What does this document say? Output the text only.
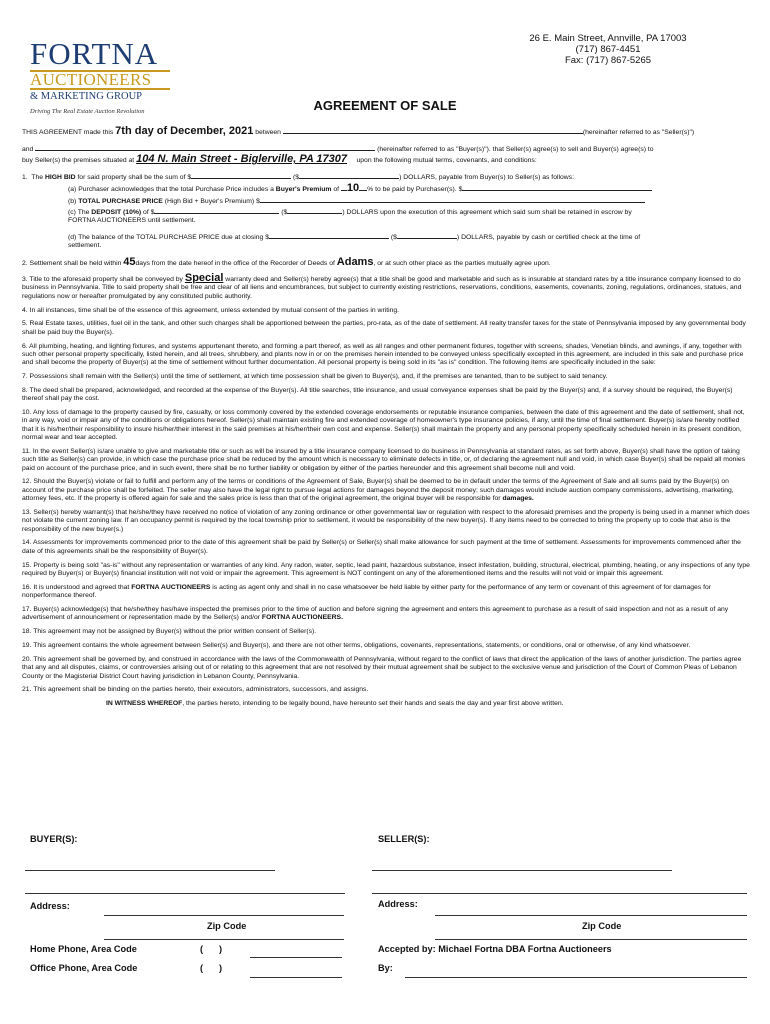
FORTNA
AUCTIONEERS
& MARKETING GROUP
Driving The Real Estate Auction Revolution
26 E. Main Street, Annville, PA 17003
(717) 867-4451
Fax: (717) 867-5265
AGREEMENT OF SALE

THIS AGREEMENT made this 7th day of December, 2021 between	(hereinafter referred to as "Seller(s)")

and	(hereinafter referred to as "Buyer(s)"). that Seller(s) agree(s) to sell and Buyer(s) agree(s) to

buy Seller(s) the premises situated at 104 N. Main Street - Biglerville, PA 17307 upon the following mutual terms, covenants, and conditions:

1. The HIGH BID for said property shall be the sum of $	($	) DOLLARS, payable from Buyer(s) to Seller(s) as follows:

(a) Purchaser acknowledges that the total Purchase Price includes a Buyer's Premium of 10 % to be paid by Purchaser(s). $

(b) TOTAL PURCHASE PRICE (High Bid + Buyer's Premium) $

(c) The DEPOSIT (10%) of $	($	) DOLLARS upon the execution of this agreement which said sum shall be retained in escrow by

FORTNA AUCTIONEERS until settlement.

(d) The balance of the TOTAL PURCHASE PRICE due at closing $	($	) DOLLARS, payable by cash or certified check at the time of

settlement.

2. Settlement shall be held within 45days from the date hereof in the office of the Recorder of Deeds of Adams, or at such other place as the parties mutually agree upon.

3. Title to the aforesaid property shall be conveyed by Special warranty deed and Seller(s) hereby agree(s) that a title shall be good and marketable and such as is insurable at standard rates by a title insurance company licensed to do business in Pennsylvania. Title to said property shall be free and clear of all liens and encumbrances, but subject to currently existing restrictions, reservations, conditions, easements, covenants, zoning, regulations, ordinances, statues, and regulations now or hereafter promulgated by any constituted public authority.

4. In all instances, time shall be of the essence of this agreement, unless extended by mutual consent of the parties in writing.

5. Real Estate taxes, utilities, fuel oil in the tank, and other such charges shall be apportioned between the parties, pro-rata, as of the date of settlement. All realty transfer taxes for the state of Pennsylvania imposed by any governmental body shall be paid buy the Buyer(s).

6. All plumbing, heating, and lighting fixtures, and systems appurtenant thereto, and forming a part thereof, as well as all ranges and other permanent fixtures, together with screens, shades, Venetian blinds, and awnings, if any, together with such other personal property specifically, listed herein, and all trees, shrubbery, and plants now in or on the premises herein intended to be conveyed unless specifically excepted in this agreement, are included in this sale and purchase price and shall become the property of Buyer(s) at the time of settlement without further documentation. All personal property is being sold in its "as is" condition. The following items are specifically included in the sale:

7. Possessions shall remain with the Seller(s) until the time of settlement, at which time possession shall be given to Buyer(s), and, if the premises are tenanted, than to be subject to said tenancy.

8. The deed shall be prepared, acknowledged, and recorded at the expense of the Buyer(s). All title searches, title insurance, and usual conveyance expenses shall be paid by the Buyer(s) and, if a survey should be required, the Buyer(s) thereof shall pay the cost.

10. Any loss of damage to the property caused by fire, casualty, or loss commonly covered by the extended coverage endorsements or reputable insurance companies, between the date of this agreement and the date of settlement, shall not, in any way, void or impair any of the conditions or obligations hereof. Seller(s) shall maintain existing fire and extended coverage of homeowner's type insurance policies, if any, until the time of final settlement. Buyer(s) is/are hereby notified that it is his/her/their responsibility to insure his/her/their interest in the said premises at his/her/their own cost and expense. Seller(s) shall maintain the property and any personal property specifically scheduled herein in its present condition, normal wear and tear accepted.

11. In the event Seller(s) is/are unable to give and marketable title or such as will be insured by a title insurance company licensed to do business in Pennsylvania at standard rates, as set forth above, Buyer(s) shall have the option of taking such title as Seller(s) can provide, in which case the purchase price shall be reduced by the amount which is necessary to eliminate defects in title, or, of declaring the agreement null and void, in which case Buyer(s) shall be repaid all monies paid on account of the purchase price, and in such event, there shall be no further liability or obligation by either of the parties hereunder and this agreement shall become null and void.

12. Should the Buyer(s) violate or fail to fulfill and perform any of the terms or conditions of the Agreement of Sale, Buyer(s) shall be deemed to be in default under the terms of the Agreement of Sale and all sums paid by the Buyer(s) on account of the purchase price shall be forfeited. The seller may also have the legal right to pursue legal actions for damages beyond the deposit money; such damages would include auction company commissions, advertising, marketing, attorney fees, etc. If the property is offered again for sale and the sales price is less than that of the original agreement, the original buyer will be responsible for damages.

13. Seller(s) hereby warrant(s) that he/she/they have received no notice of violation of any zoning ordinance or other governmental law or regulation with respect to the aforesaid premises and the property is being used in a manner which does not violate the current zoning law. If an occupancy permit is required by the local township prior to settlement, it would be responsibility of the new buyer(s). If any items need to be corrected to bring the property up to code that also is the responsibility of the new buyer(s.)

14. Assessments for improvements commenced prior to the date of this agreement shall be paid by Seller(s) or Seller(s) shall make allowance for such payment at the time of settlement. Assessments for improvements commenced after the date of this agreements shall be the responsibility of Buyer(s).

15. Property is being sold "as-is" without any representation or warranties of any kind. Any radon, water, septic, lead paint, hazardous substance, insect infestation, building, structural, electrical, plumbing, heating, or any inspections of any type required by Buyer(s) or Buyer(s) financial institution will not void or impair the agreement. This agreement is NOT contingent on any of the aforementioned items and the results will not void or impair this agreement.

16. It is understood and agreed that FORTNA AUCTIONEERS is acting as agent only and shall in no case whatsoever be held liable by either party for the performance of any term or covenant of this agreement of for damages for nonperformance thereof.

17. Buyer(s) acknowledge(s) that he/she/they has/have inspected the premises prior to the time of auction and before signing the agreement and enters this agreement to purchase as a result of said inspection and not as a result of any advertisement of announcement or representation made by the Seller(s) and/or FORTNA AUCTIONEERS.

18. This agreement may not be assigned by Buyer(s) without the prior written consent of Seller(s).

19. This agreement contains the whole agreement between Seller(s) and Buyer(s), and there are not other terms, obligations, covenants, representations, statements, or conditions, oral or otherwise, of any kind whatsoever.

20. This agreement shall be governed by, and construed in accordance with the laws of the Commonwealth of Pennsylvania, without regard to the conflict of laws that direct the application of the laws of another jurisdiction. The parties agree that any and all disputes, claims, or controversies arising out of or relating to this agreement that are not resolved by their mutual agreement shall be subject to the exclusive venue and jurisdiction of the Court of Common Pleas of Lebanon County or the Magisterial District Court having jurisdiction in Lebanon County, Pennsylvania.

21. This agreement shall be binding on the parties hereto, their executors, administrators, successors, and assigns.

IN WITNESS WHEREOF, the parties hereto, intending to be legally bound, have hereunto set their hands and seals the day and year first above written.

BUYER(S):	SELLER(S):
Address:	Address:
Zip Code	Zip Code
Home Phone, Area Code	( )	Accepted by: Michael Fortna DBA Fortna Auctioneers
Office Phone, Area Code	( )	By:
